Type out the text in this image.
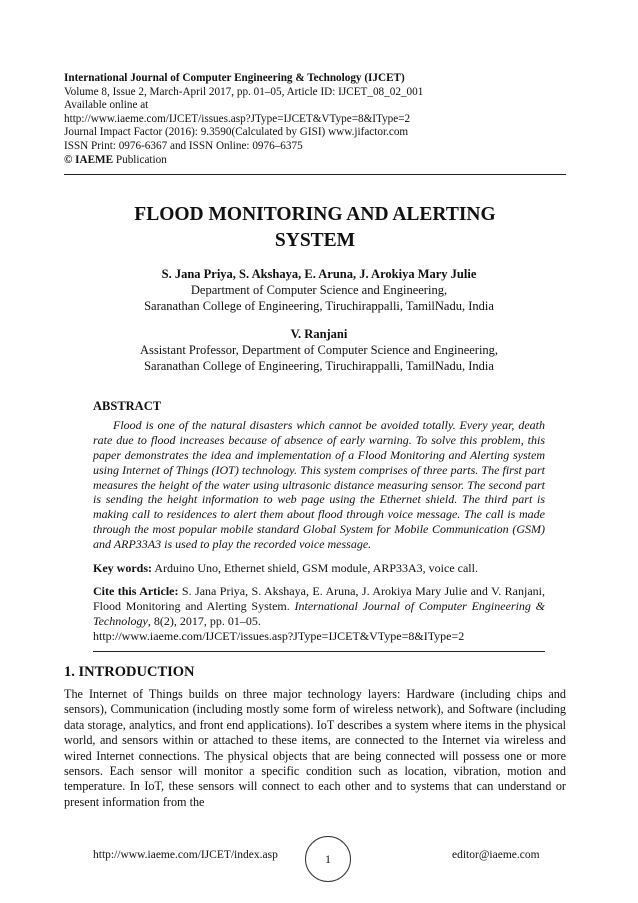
International Journal of Computer Engineering & Technology (IJCET)
Volume 8, Issue 2, March-April 2017, pp. 01–05, Article ID: IJCET_08_02_001
Available online at
http://www.iaeme.com/IJCET/issues.asp?JType=IJCET&VType=8&IType=2
Journal Impact Factor (2016): 9.3590(Calculated by GISI) www.jifactor.com
ISSN Print: 0976-6367 and ISSN Online: 0976–6375
© IAEME Publication
FLOOD MONITORING AND ALERTING
SYSTEM
S. Jana Priya, S. Akshaya, E. Aruna, J. Arokiya Mary Julie
Department of Computer Science and Engineering,
Saranathan College of Engineering, Tiruchirappalli, TamilNadu, India
V. Ranjani
Assistant Professor, Department of Computer Science and Engineering,
Saranathan College of Engineering, Tiruchirappalli, TamilNadu, India
ABSTRACT

Flood is one of the natural disasters which cannot be avoided totally. Every year, death rate due to flood increases because of absence of early warning. To solve this problem, this paper demonstrates the idea and implementation of a Flood Monitoring and Alerting system using Internet of Things (IOT) technology. This system comprises of three parts. The first part measures the height of the water using ultrasonic distance measuring sensor. The second part is sending the height information to web page using the Ethernet shield. The third part is making call to residences to alert them about flood through voice message. The call is made through the most popular mobile standard Global System for Mobile Communication (GSM) and ARP33A3 is used to play the recorded voice message.

Key words: Arduino Uno, Ethernet shield, GSM module, ARP33A3, voice call.

Cite this Article: S. Jana Priya, S. Akshaya, E. Aruna, J. Arokiya Mary Julie and V. Ranjani, Flood Monitoring and Alerting System. International Journal of Computer Engineering & Technology, 8(2), 2017, pp. 01–05.
http://www.iaeme.com/IJCET/issues.asp?JType=IJCET&VType=8&IType=2

1. INTRODUCTION

The Internet of Things builds on three major technology layers: Hardware (including chips and sensors), Communication (including mostly some form of wireless network), and Software (including data storage, analytics, and front end applications). IoT describes a system where items in the physical world, and sensors within or attached to these items, are connected to the Internet via wireless and wired Internet connections. The physical objects that are being connected will possess one or more sensors. Each sensor will monitor a specific condition such as location, vibration, motion and temperature. In IoT, these sensors will connect to each other and to systems that can understand or present information from the

http://www.iaeme.com/IJCET/index.asp	1	editor@iaeme.com
